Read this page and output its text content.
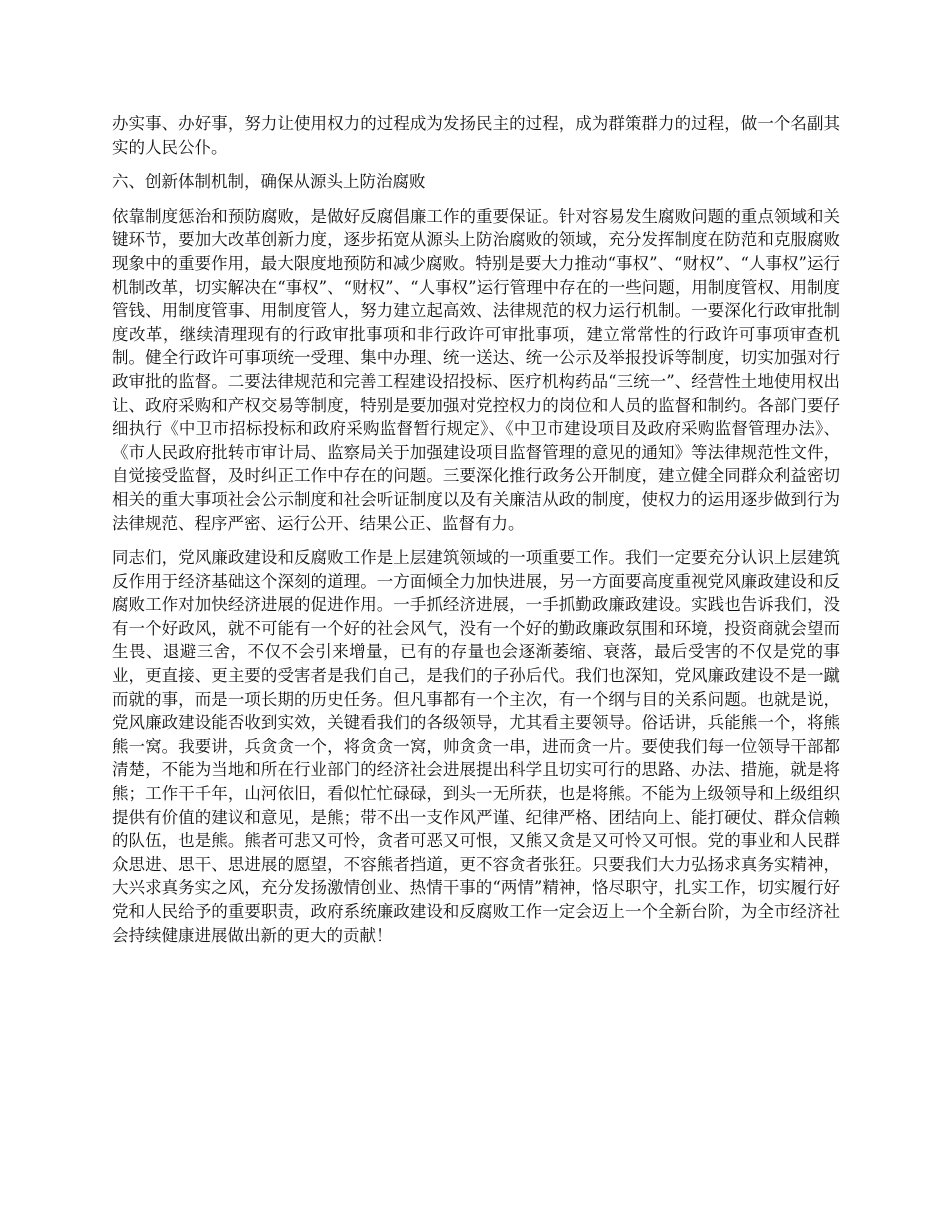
办实事、办好事，努力让使用权力的过程成为发扬民主的过程，成为群策群力的过程，做一个名副其实的人民公仆。

六、创新体制机制，确保从源头上防治腐败

依靠制度惩治和预防腐败，是做好反腐倡廉工作的重要保证。针对容易发生腐败问题的重点领域和关键环节，要加大改革创新力度，逐步拓宽从源头上防治腐败的领域，充分发挥制度在防范和克服腐败现象中的重要作用，最大限度地预防和减少腐败。特别是要大力推动“事权”、“财权”、“人事权”运行机制改革，切实解决在“事权”、“财权”、“人事权”运行管理中存在的一些问题，用制度管权、用制度管钱、用制度管事、用制度管人，努力建立起高效、法律规范的权力运行机制。一要深化行政审批制度改革，继续清理现有的行政审批事项和非行政许可审批事项，建立常常性的行政许可事项审查机制。健全行政许可事项统一受理、集中办理、统一送达、统一公示及举报投诉等制度，切实加强对行政审批的监督。二要法律规范和完善工程建设招投标、医疗机构药品“三统一”、经营性土地使用权出让、政府采购和产权交易等制度，特别是要加强对党控权力的岗位和人员的监督和制约。各部门要仔细执行《中卫市招标投标和政府采购监督暂行规定》、《中卫市建设项目及政府采购监督管理办法》、《市人民政府批转市审计局、监察局关于加强建设项目监督管理的意见的通知》等法律规范性文件，自觉接受监督，及时纠正工作中存在的问题。三要深化推行政务公开制度，建立健全同群众利益密切相关的重大事项社会公示制度和社会听证制度以及有关廉洁从政的制度，使权力的运用逐步做到行为法律规范、程序严密、运行公开、结果公正、监督有力。

同志们，党风廉政建设和反腐败工作是上层建筑领域的一项重要工作。我们一定要充分认识上层建筑反作用于经济基础这个深刻的道理。一方面倾全力加快进展，另一方面要高度重视党风廉政建设和反腐败工作对加快经济进展的促进作用。一手抓经济进展，一手抓勤政廉政建设。实践也告诉我们，没有一个好政风，就不可能有一个好的社会风气，没有一个好的勤政廉政氛围和环境，投资商就会望而生畏、退避三舍，不仅不会引来增量，已有的存量也会逐渐萎缩、衰落，最后受害的不仅是党的事业，更直接、更主要的受害者是我们自己，是我们的子孙后代。我们也深知，党风廉政建设不是一蹴而就的事，而是一项长期的历史任务。但凡事都有一个主次，有一个纲与目的关系问题。也就是说，党风廉政建设能否收到实效，关键看我们的各级领导，尤其看主要领导。俗话讲，兵能熊一个，将熊熊一窝。我要讲，兵贪贪一个，将贪贪一窝，帅贪贪一串，进而贪一片。要使我们每一位领导干部都清楚，不能为当地和所在行业部门的经济社会进展提出科学且切实可行的思路、办法、措施，就是将熊；工作干千年，山河依旧，看似忙忙碌碌，到头一无所获，也是将熊。不能为上级领导和上级组织提供有价值的建议和意见，是熊；带不出一支作风严谨、纪律严格、团结向上、能打硬仗、群众信赖的队伍，也是熊。熊者可悲又可怜，贪者可恶又可恨，又熊又贪是又可怜又可恨。党的事业和人民群众思进、思干、思进展的愿望，不容熊者挡道，更不容贪者张狂。只要我们大力弘扬求真务实精神，大兴求真务实之风，充分发扬激情创业、热情干事的“两情”精神，恪尽职守，扎实工作，切实履行好党和人民给予的重要职责，政府系统廉政建设和反腐败工作一定会迈上一个全新台阶，为全市经济社会持续健康进展做出新的更大的贡献！
